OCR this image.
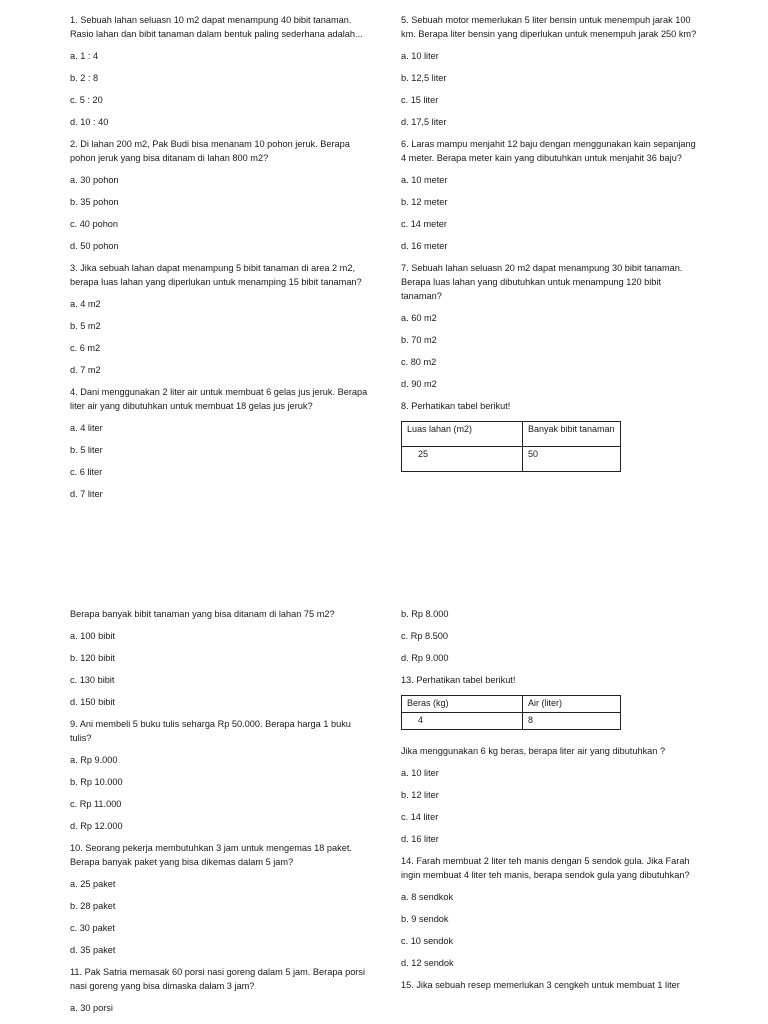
1. Sebuah lahan seluasn 10 m2 dapat menampung 40 bibit tanaman. Rasio lahan dan bibit tanaman dalam bentuk paling sederhana adalah...
a. 1 : 4
b. 2 : 8
c. 5 : 20
d. 10 : 40
2. Di lahan 200 m2, Pak Budi bisa menanam 10 pohon jeruk. Berapa pohon jeruk yang bisa ditanam di lahan 800 m2?
a. 30 pohon
b. 35 pohon
c. 40 pohon
d. 50 pohon
3. Jika sebuah lahan dapat menampung 5 bibit tanaman di area 2 m2, berapa luas lahan yang diperlukan untuk menamping 15 bibit tanaman?
a. 4 m2
b. 5 m2
c. 6 m2
d. 7 m2
4. Dani menggunakan 2 liter air untuk membuat 6 gelas jus jeruk. Berapa liter air yang dibutuhkan untuk membuat 18 gelas jus jeruk?
a. 4 liter
b. 5 liter
c. 6 liter
d. 7 liter
5. Sebuah motor memerlukan 5 liter bensin untuk menempuh jarak 100 km. Berapa liter bensin yang diperlukan untuk menempuh jarak 250 km?
a. 10 liter
b. 12,5 liter
c. 15 liter
d. 17,5 liter
6. Laras mampu menjahit 12 baju dengan menggunakan kain sepanjang 4 meter. Berapa meter kain yang dibutuhkan untuk menjahit 36 baju?
a. 10 meter
b. 12 meter
c. 14 meter
d. 16 meter
7. Sebuah lahan seluasn 20 m2 dapat menampung 30 bibit tanaman. Berapa luas lahan yang dibutuhkan untuk menampung 120 bibit tanaman?
a. 60 m2
b. 70 m2
c. 80 m2
d. 90 m2
8. Perhatikan tabel berikut!
Luas lahan (m2)	Banyak bibit tanaman
25	50
Berapa banyak bibit tanaman yang bisa ditanam di lahan 75 m2?
a. 100 bibit
b. 120 bibit
c. 130 bibit
d. 150 bibit
9. Ani membeli 5 buku tulis seharga Rp 50.000. Berapa harga 1 buku tulis?
a. Rp 9.000
b. Rp 10.000
c. Rp 11.000
d. Rp 12.000
10. Seorang pekerja membutuhkan 3 jam untuk mengemas 18 paket. Berapa banyak paket yang bisa dikemas dalam 5 jam?
a. 25 paket
b. 28 paket
c. 30 paket
d. 35 paket
11. Pak Satria memasak 60 porsi nasi goreng dalam 5 jam. Berapa porsi nasi goreng yang bisa dimaska dalam 3 jam?
a. 30 porsi
b. Rp 8.000
c. Rp 8.500
d. Rp 9.000
13. Perhatikan tabel berikut!
Beras (kg)	Air (liter)
4	8
Jika menggunakan 6 kg beras, berapa liter air yang dibutuhkan ?
a. 10 liter
b. 12 liter
c. 14 liter
d. 16 liter
14. Farah membuat 2 liter teh manis dengan 5 sendok gula. Jika Farah ingin membuat 4 liter teh manis, berapa sendok gula yang dibutuhkan?
a. 8 sendkok
b. 9 sendok
c. 10 sendok
d. 12 sendok
15. Jika sebuah resep memerlukan 3 cengkeh untuk membuat 1 liter
